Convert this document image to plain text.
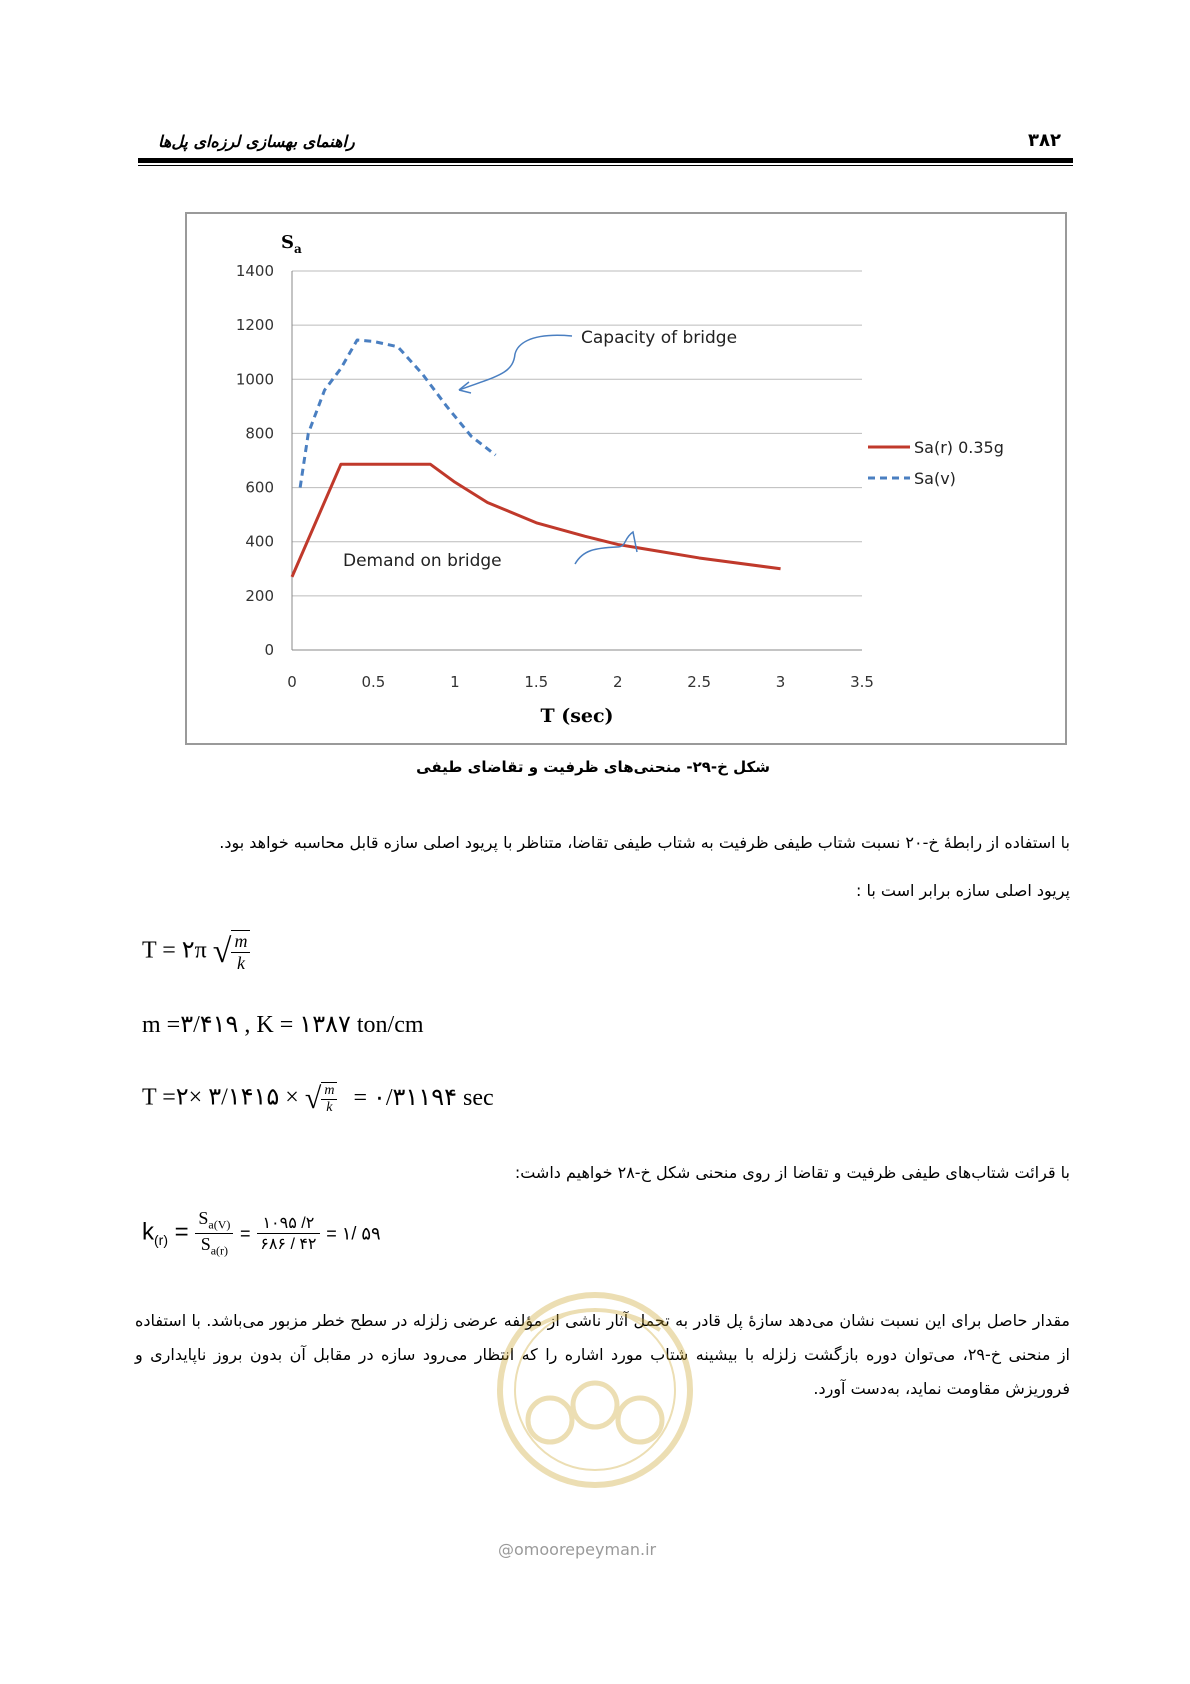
راهنمای بهسازی لرزه‌ای پل‌ها	۳۸۲
0
200
400
600
800
1000
1200
1400
0	0.5	1	1.5	2	2.5	3	3.5
$S_a$
T (sec)
Sa(r) 0.35g
Sa(v)
Capacity of bridge
Demand on bridge
شکل خ-۲۹- منحنی‌های ظرفیت و تقاضای طیفی
با استفاده از رابطهٔ خ-۲۰ نسبت شتاب طیفی ظرفیت به شتاب طیفی تقاضا، متناظر با پریود اصلی سازه قابل محاسبه خواهد بود.
پریود اصلی سازه برابر است با :
T = ۲π √ $\frac{m}{k}$
m =۳/۴۱۹ , K = ۱۳۸۷ ton/cm
T =۲× ۳/۱۴۱۵ × √ $\frac{m}{k}$ = ۰/۳۱۱۹۴ sec
با قرائت شتاب‌های طیفی ظرفیت و تقاضا از روی منحنی شکل خ-۲۸ خواهیم داشت:
$k_{(r)} = \frac{S_{a(V)}}{S_{a(r)}} = \frac{۱۰۹۵ /۲}{۶۸۶ / ۴۲}$ = ۱/ ۵۹
مقدار حاصل برای این نسبت نشان می‌دهد سازهٔ پل قادر به تحمل آثار ناشی از مؤلفه عرضی زلزله در سطح خطر مزبور می‌باشد. با استفاده از منحنی خ-۲۹، می‌توان دوره بازگشت زلزله با بیشینه شتاب مورد اشاره را که انتظار می‌رود سازه در مقابل آن بدون بروز ناپایداری و فروریزش مقاومت نماید، به‌دست آورد.
@omoorepeyman.ir
